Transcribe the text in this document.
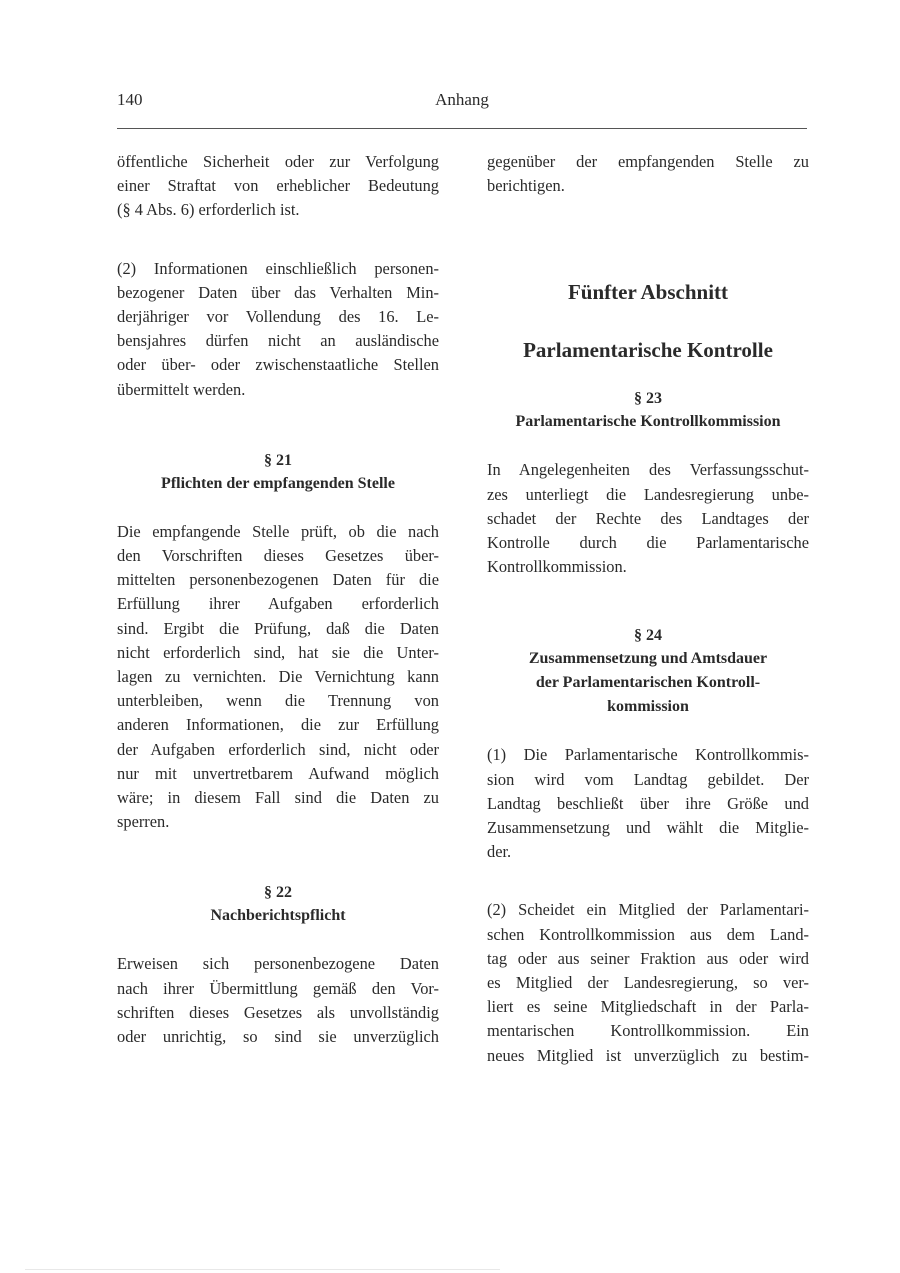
140	Anhang

öffentliche Sicherheit oder zur Verfolgung
einer Straftat von erheblicher Bedeutung
(§ 4 Abs. 6) erforderlich ist.

(2) Informationen einschließlich personen-
bezogener Daten über das Verhalten Min-
derjähriger vor Vollendung des 16. Le-
bensjahres dürfen nicht an ausländische
oder über- oder zwischenstaatliche Stellen
übermittelt werden.

§ 21

Pflichten der empfangenden Stelle

Die empfangende Stelle prüft, ob die nach
den Vorschriften dieses Gesetzes über-
mittelten personenbezogenen Daten für die
Erfüllung ihrer Aufgaben erforderlich
sind. Ergibt die Prüfung, daß die Daten
nicht erforderlich sind, hat sie die Unter-
lagen zu vernichten. Die Vernichtung kann
unterbleiben, wenn die Trennung von
anderen Informationen, die zur Erfüllung
der Aufgaben erforderlich sind, nicht oder
nur mit unvertretbarem Aufwand möglich
wäre; in diesem Fall sind die Daten zu
sperren.

§ 22

Nachberichtspflicht

Erweisen sich personenbezogene Daten
nach ihrer Übermittlung gemäß den Vor-
schriften dieses Gesetzes als unvollständig
oder unrichtig, so sind sie unverzüglich

gegenüber der empfangenden Stelle zu
berichtigen.

Fünfter Abschnitt

Parlamentarische Kontrolle

§ 23

Parlamentarische Kontrollkommission

In Angelegenheiten des Verfassungsschut-
zes unterliegt die Landesregierung unbe-
schadet der Rechte des Landtages der
Kontrolle durch die Parlamentarische
Kontrollkommission.

§ 24

Zusammensetzung und Amtsdauer

der Parlamentarischen Kontroll-

kommission

(1) Die Parlamentarische Kontrollkommis-
sion wird vom Landtag gebildet. Der
Landtag beschließt über ihre Größe und
Zusammensetzung und wählt die Mitglie-
der.

(2) Scheidet ein Mitglied der Parlamentari-
schen Kontrollkommission aus dem Land-
tag oder aus seiner Fraktion aus oder wird
es Mitglied der Landesregierung, so ver-
liert es seine Mitgliedschaft in der Parla-
mentarischen Kontrollkommission. Ein
neues Mitglied ist unverzüglich zu bestim-
